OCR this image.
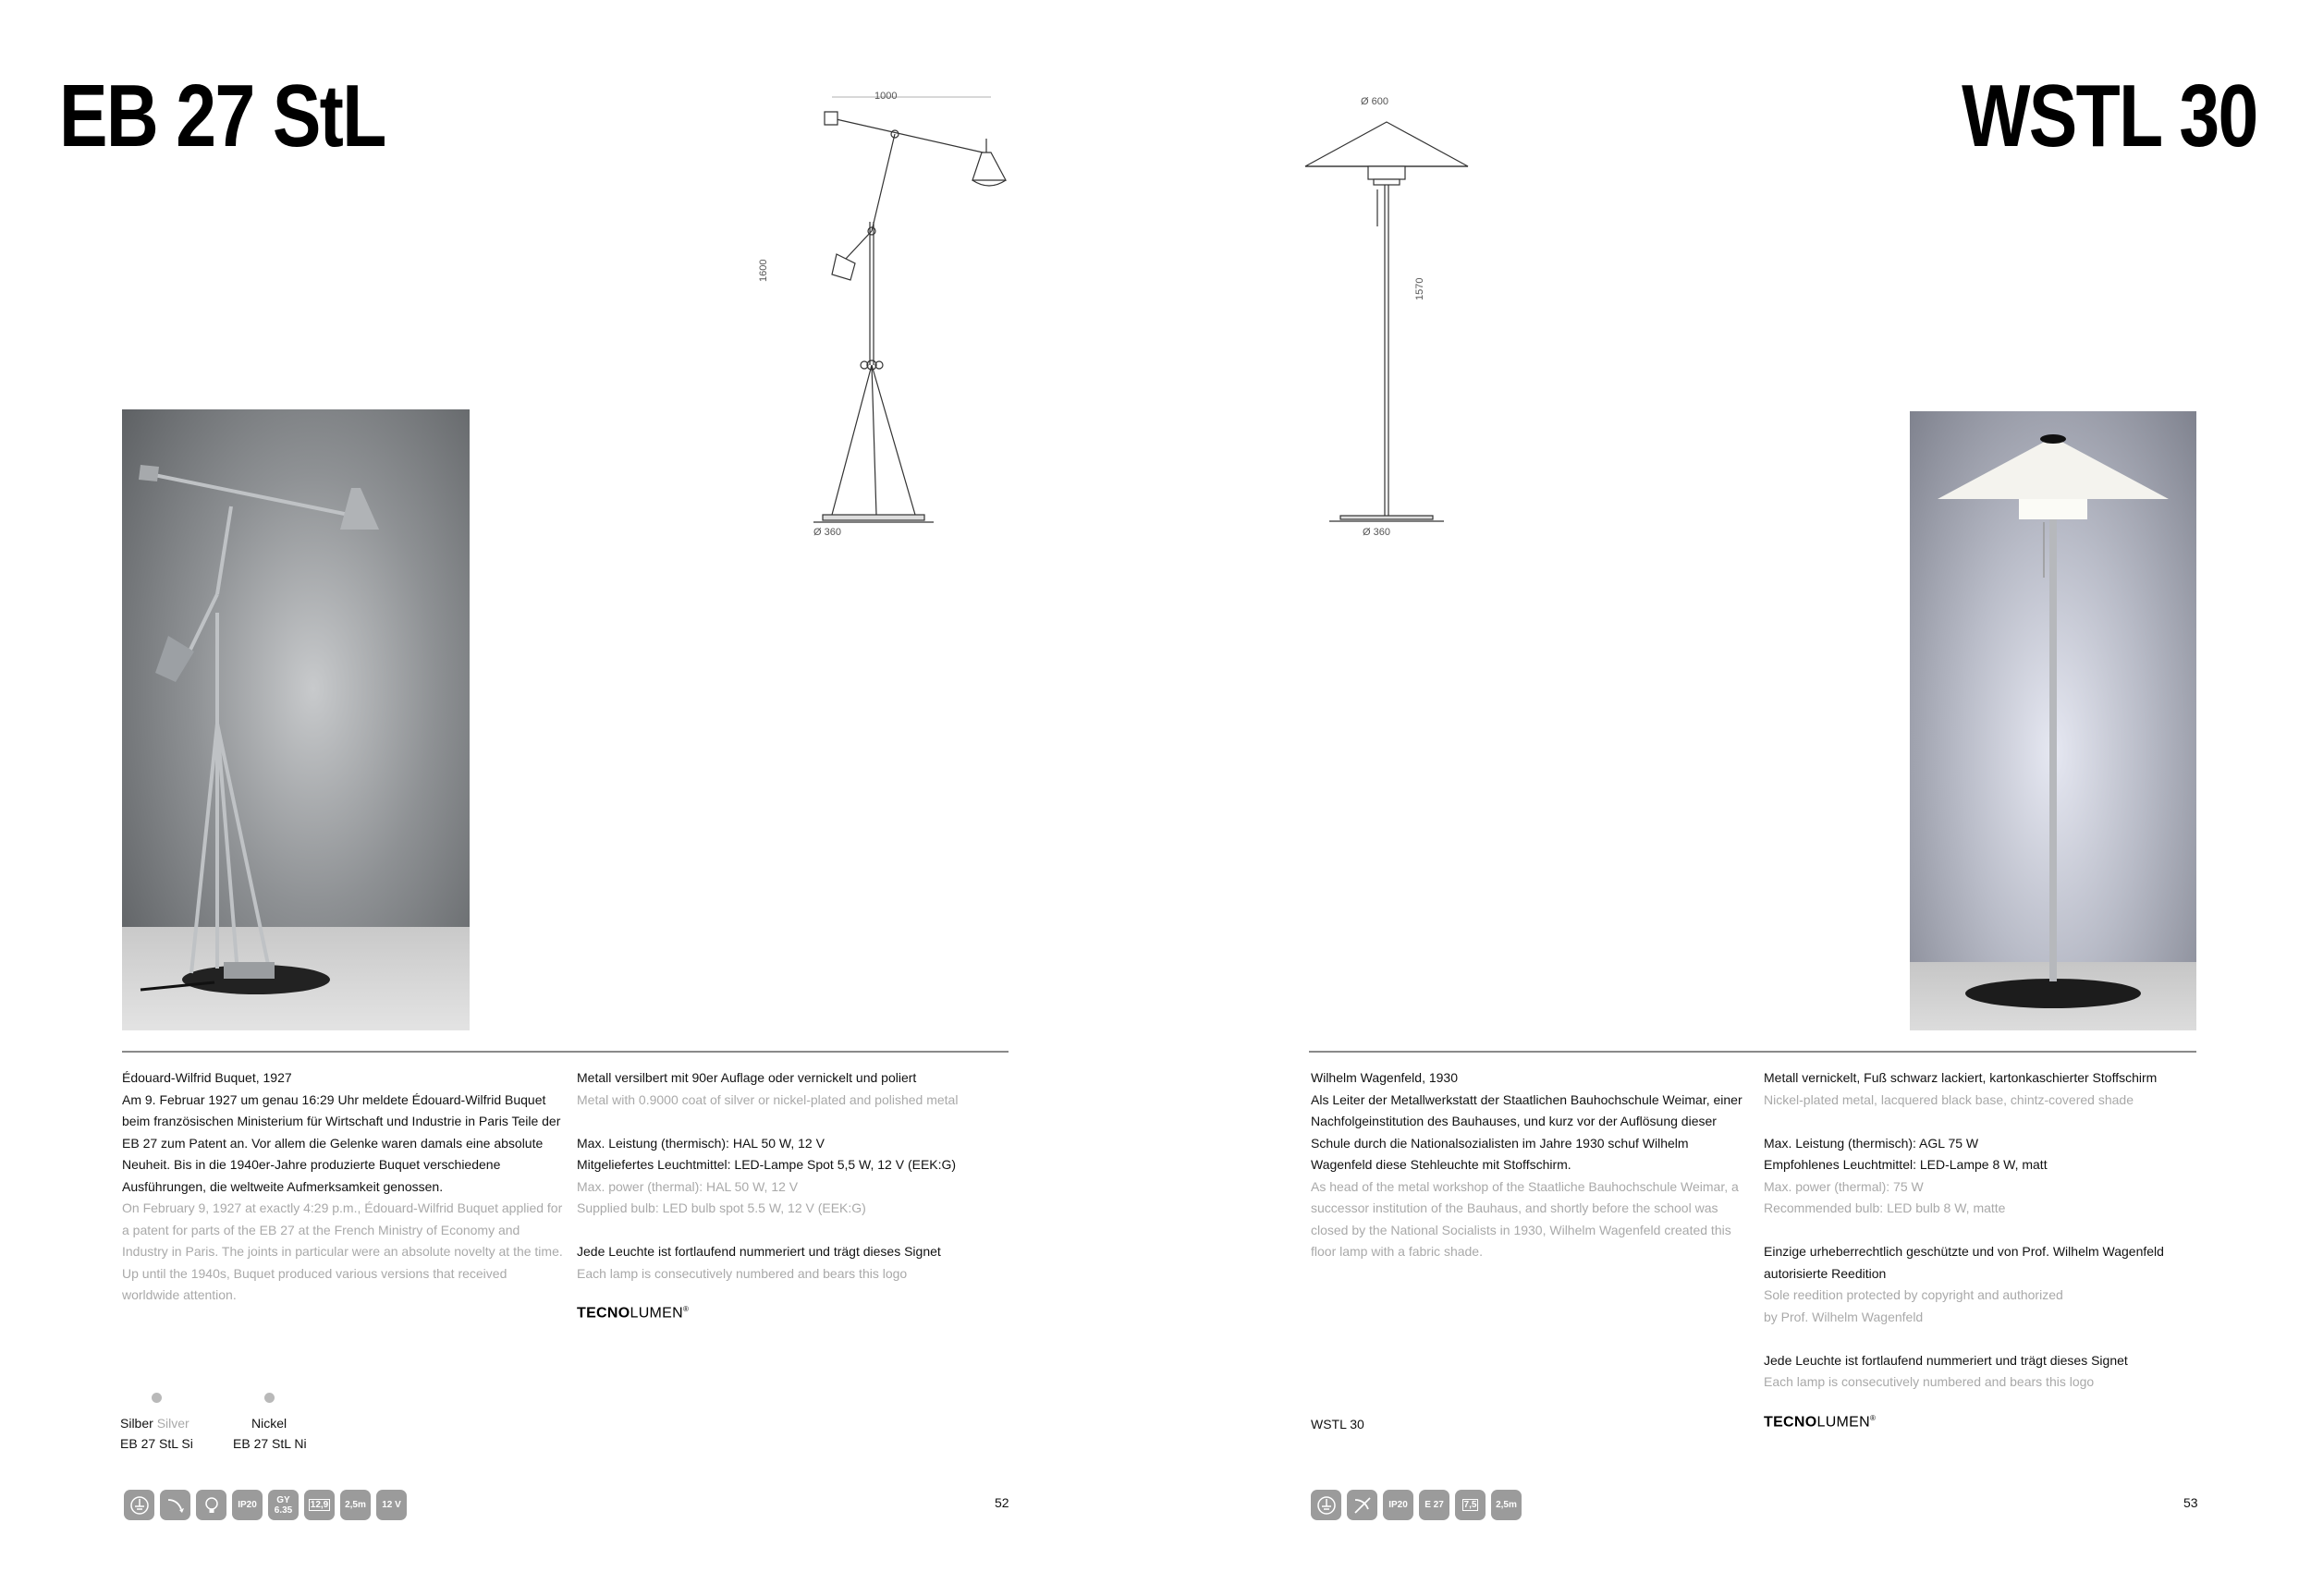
EB 27 StL	1000
1600
Ø 360

Édouard-Wilfrid Buquet, 1927

Am 9. Februar 1927 um genau 16:29 Uhr meldete Édouard-Wilfrid Buquet beim französischen Ministerium für Wirtschaft und Industrie in Paris Teile der EB 27 zum Patent an. Vor allem die Gelenke waren damals eine absolute Neuheit. Bis in die 1940er-Jahre produzierte Buquet verschiedene Ausführungen, die weltweite Aufmerksamkeit genossen.

On February 9, 1927 at exactly 4:29 p.m., Édouard-Wilfrid Buquet applied for a patent for parts of the EB 27 at the French Ministry of Economy and Industry in Paris. The joints in particular were an absolute novelty at the time. Up until the 1940s, Buquet produced various versions that received worldwide attention.

Metall versilbert mit 90er Auflage oder vernickelt und poliert

Metal with 0.9000 coat of silver or nickel-plated and polished metal

Max. Leistung (thermisch): HAL 50 W, 12 V

Mitgeliefertes Leuchtmittel: LED-Lampe Spot 5,5 W, 12 V (EEK:G)

Max. power (thermal): HAL 50 W, 12 V

Supplied bulb: LED bulb spot 5.5 W, 12 V (EEK:G)

Jede Leuchte ist fortlaufend nummeriert und trägt dieses Signet

Each lamp is consecutively numbered and bears this logo

TECNOLUMEN®
Silber Silver
EB 27 StL Si
Nickel
EB 27 StL Ni
IP20	GY
6.35	12,9	2,5m	12 V	52
WSTL 30
Ø 600
1570
Ø 360

Wilhelm Wagenfeld, 1930

Als Leiter der Metallwerkstatt der Staatlichen Bauhochschule Weimar, einer Nachfolgeinstitution des Bauhauses, und kurz vor der Auflösung dieser Schule durch die Nationalsozialisten im Jahre 1930 schuf Wilhelm Wagenfeld diese Stehleuchte mit Stoffschirm.

As head of the metal workshop of the Staatliche Bauhochschule Weimar, a successor institution of the Bauhaus, and shortly before the school was closed by the National Socialists in 1930, Wilhelm Wagenfeld created this floor lamp with a fabric shade.

Metall vernickelt, Fuß schwarz lackiert, kartonkaschierter Stoffschirm

Nickel-plated metal, lacquered black base, chintz-covered shade

Max. Leistung (thermisch): AGL 75 W

Empfohlenes Leuchtmittel: LED-Lampe 8 W, matt

Max. power (thermal): 75 W

Recommended bulb: LED bulb 8 W, matte

Einzige urheberrechtlich geschützte und von Prof. Wilhelm Wagenfeld autorisierte Reedition

Sole reedition protected by copyright and authorized

by Prof. Wilhelm Wagenfeld

Jede Leuchte ist fortlaufend nummeriert und trägt dieses Signet

Each lamp is consecutively numbered and bears this logo

TECNOLUMEN®
WSTL 30
IP20	E 27	7,5	2,5m	53
